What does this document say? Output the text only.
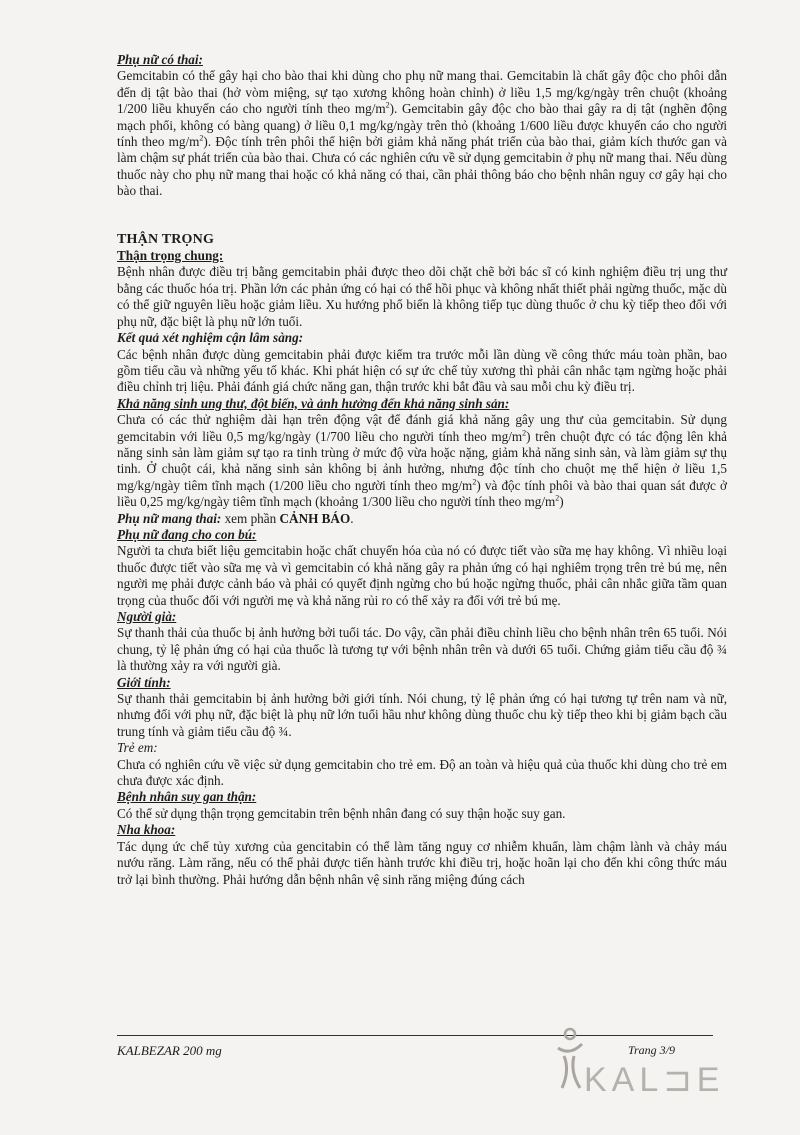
Phụ nữ có thai:

Gemcitabin có thể gây hại cho bào thai khi dùng cho phụ nữ mang thai. Gemcitabin là chất gây độc cho phôi dẫn đến dị tật bào thai (hở vòm miệng, sự tạo xương không hoàn chỉnh) ở liều 1,5 mg/kg/ngày trên chuột (khoảng 1/200 liều khuyến cáo cho người tính theo $mg/m^2$). Gemcitabin gây độc cho bào thai gây ra dị tật (nghẽn động mạch phổi, không có bàng quang) ở liều 0,1 mg/kg/ngày trên thỏ (khoảng 1/600 liều được khuyến cáo cho người tính theo $mg/m^2$). Độc tính trên phôi thể hiện bởi giảm khả năng phát triển của bào thai, giảm kích thước gan và làm chậm sự phát triển của bào thai. Chưa có các nghiên cứu về sử dụng gemcitabin ở phụ nữ mang thai. Nếu dùng thuốc này cho phụ nữ mang thai hoặc có khả năng có thai, cần phải thông báo cho bệnh nhân nguy cơ gây hại cho bào thai.

THẬN TRỌNG
Thận trọng chung:

Bệnh nhân được điều trị bằng gemcitabin phải được theo dõi chặt chẽ bởi bác sĩ có kinh nghiệm điều trị ung thư bằng các thuốc hóa trị. Phần lớn các phản ứng có hại có thể hồi phục và không nhất thiết phải ngừng thuốc, mặc dù có thể giữ nguyên liều hoặc giảm liều. Xu hướng phổ biến là không tiếp tục dùng thuốc ở chu kỳ tiếp theo đối với phụ nữ, đặc biệt là phụ nữ lớn tuổi.

Kết quả xét nghiệm cận lâm sàng:

Các bệnh nhân được dùng gemcitabin phải được kiểm tra trước mỗi lần dùng về công thức máu toàn phần, bao gồm tiểu cầu và những yếu tố khác. Khi phát hiện có sự ức chế tủy xương thì phải cân nhắc tạm ngừng hoặc phải điều chỉnh trị liệu. Phải đánh giá chức năng gan, thận trước khi bắt đầu và sau mỗi chu kỳ điều trị.

Khả năng sinh ung thư, đột biến, và ảnh hưởng đến khả năng sinh sản:

Chưa có các thử nghiệm dài hạn trên động vật để đánh giá khả năng gây ung thư của gemcitabin. Sử dụng gemcitabin với liều 0,5 mg/kg/ngày (1/700 liều cho người tính theo $mg/m^2$) trên chuột đực có tác động lên khả năng sinh sản làm giảm sự tạo ra tinh trùng ở mức độ vừa hoặc nặng, giảm khả năng sinh sản, và làm giảm sự thụ tinh. Ở chuột cái, khả năng sinh sản không bị ảnh hưởng, nhưng độc tính cho chuột mẹ thể hiện ở liều 1,5 mg/kg/ngày tiêm tĩnh mạch (1/200 liều cho người tính theo $mg/m^2$) và độc tính phôi và bào thai quan sát được ở liều 0,25 mg/kg/ngày tiêm tĩnh mạch (khoảng 1/300 liều cho người tính theo $mg/m^2$)

Phụ nữ mang thai: xem phần CẢNH BÁO.

Phụ nữ đang cho con bú:

Người ta chưa biết liệu gemcitabin hoặc chất chuyển hóa của nó có được tiết vào sữa mẹ hay không. Vì nhiều loại thuốc được tiết vào sữa mẹ và vì gemcitabin có khả năng gây ra phản ứng có hại nghiêm trọng trên trẻ bú mẹ, nên người mẹ phải được cảnh báo và phải có quyết định ngừng cho bú hoặc ngừng thuốc, phải cân nhắc giữa tầm quan trọng của thuốc đối với người mẹ và khả năng rủi ro có thể xảy ra đối với trẻ bú mẹ.

Người già:

Sự thanh thải của thuốc bị ảnh hưởng bởi tuổi tác. Do vậy, cần phải điều chỉnh liều cho bệnh nhân trên 65 tuổi. Nói chung, tỷ lệ phản ứng có hại của thuốc là tương tự với bệnh nhân trên và dưới 65 tuổi. Chứng giảm tiểu cầu độ ¾ là thường xảy ra với người già.

Giới tính:

Sự thanh thải gemcitabin bị ảnh hưởng bởi giới tính. Nói chung, tỷ lệ phản ứng có hại tương tự trên nam và nữ, nhưng đối với phụ nữ, đặc biệt là phụ nữ lớn tuổi hầu như không dùng thuốc chu kỳ tiếp theo khi bị giảm bạch cầu trung tính và giảm tiểu cầu độ ¾.

Trẻ em:

Chưa có nghiên cứu về việc sử dụng gemcitabin cho trẻ em. Độ an toàn và hiệu quả của thuốc khi dùng cho trẻ em chưa được xác định.

Bệnh nhân suy gan thận:

Có thể sử dụng thận trọng gemcitabin trên bệnh nhân đang có suy thận hoặc suy gan.

Nha khoa:

Tác dụng ức chế tủy xương của gencitabin có thể làm tăng nguy cơ nhiễm khuẩn, làm chậm lành và chảy máu nướu răng. Làm răng, nếu có thể phải được tiến hành trước khi điều trị, hoặc hoãn lại cho đến khi công thức máu trở lại bình thường. Phải hướng dẫn bệnh nhân vệ sinh răng miệng đúng cách

KALBEZAR 200 mg	Trang 3/9
KAL⊐E
